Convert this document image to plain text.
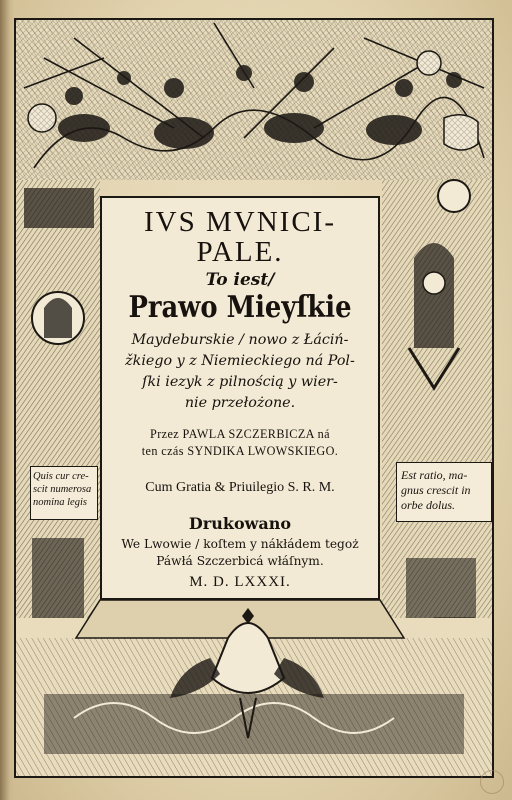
Quis cur cre- scit numerosa nomina legis
Est ratio, ma- gnus crescit in orbe dolus.
IVS MVNICI-
PALE.
To iest/
Prawo Mieyſkie
Maydeburskie / nowo z Łáciń-
žkiego y z Niemieckiego ná Pol-
ſki iezyk z pilnością y wier-
nie przełożone.
Przez PAWLA SZCZERBICZA ná
ten czás SYNDIKA LWOWSKIEGO.
Cum Gratia & Priuilegio S. R. M.
Drukowano
We Lwowie / koſtem y nákłádem tegoż
Páwłá Szczerbicá włáſnym.
M. D. LXXXI.
